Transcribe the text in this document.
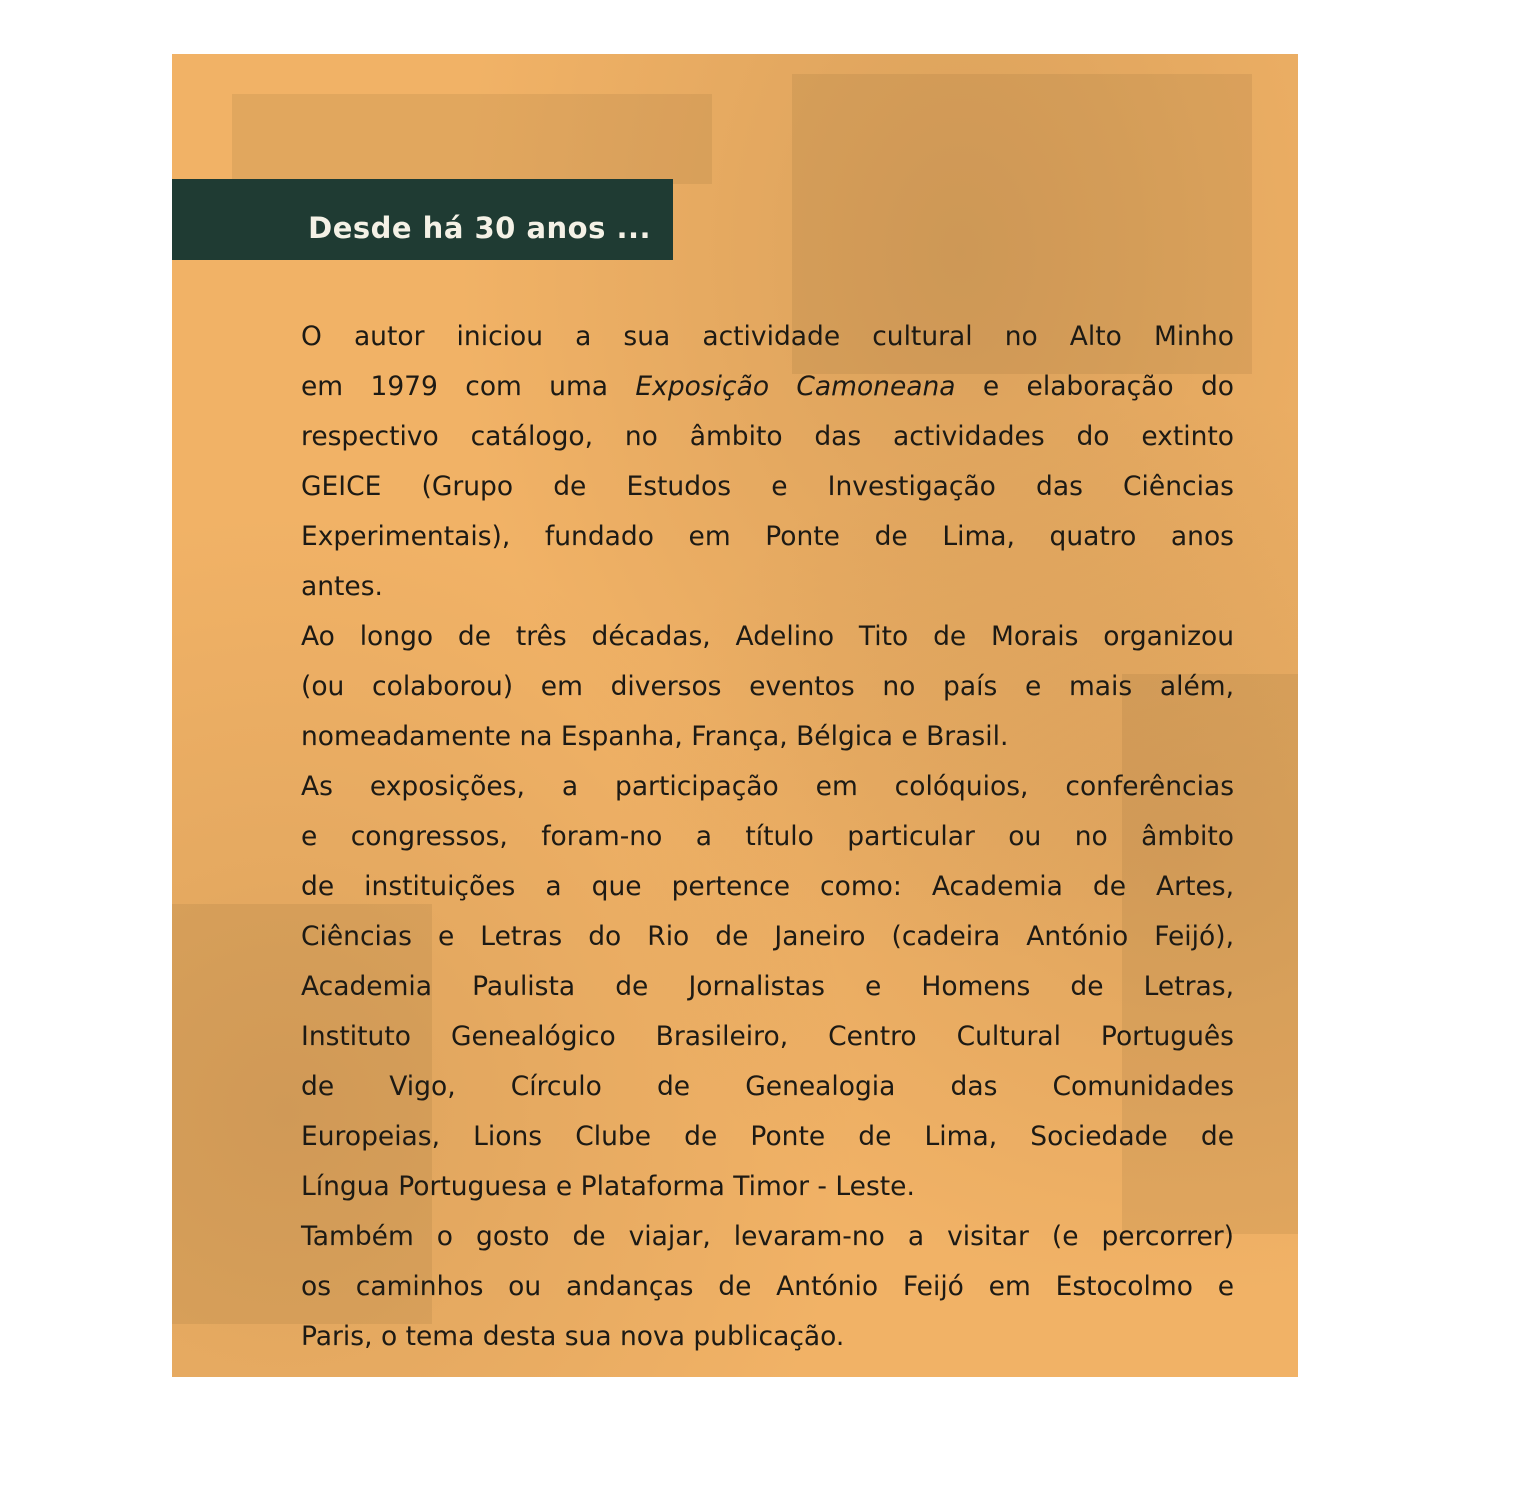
Desde há 30 anos ...
O autor iniciou a sua actividade cultural no Alto Minho
em 1979 com uma Exposição Camoneana e elaboração do
respectivo catálogo, no âmbito das actividades do extinto
GEICE (Grupo de Estudos e Investigação das Ciências
Experimentais), fundado em Ponte de Lima, quatro anos
antes.
Ao longo de três décadas, Adelino Tito de Morais organizou
(ou colaborou) em diversos eventos no país e mais além,
nomeadamente na Espanha, França, Bélgica e Brasil.
As exposições, a participação em colóquios, conferências
e congressos, foram-no a título particular ou no âmbito
de instituições a que pertence como: Academia de Artes,
Ciências e Letras do Rio de Janeiro (cadeira António Feijó),
Academia Paulista de Jornalistas e Homens de Letras,
Instituto Genealógico Brasileiro, Centro Cultural Português
de Vigo, Círculo de Genealogia das Comunidades
Europeias, Lions Clube de Ponte de Lima, Sociedade de
Língua Portuguesa e Plataforma Timor - Leste.
Também o gosto de viajar, levaram-no a visitar (e percorrer)
os caminhos ou andanças de António Feijó em Estocolmo e
Paris, o tema desta sua nova publicação.
